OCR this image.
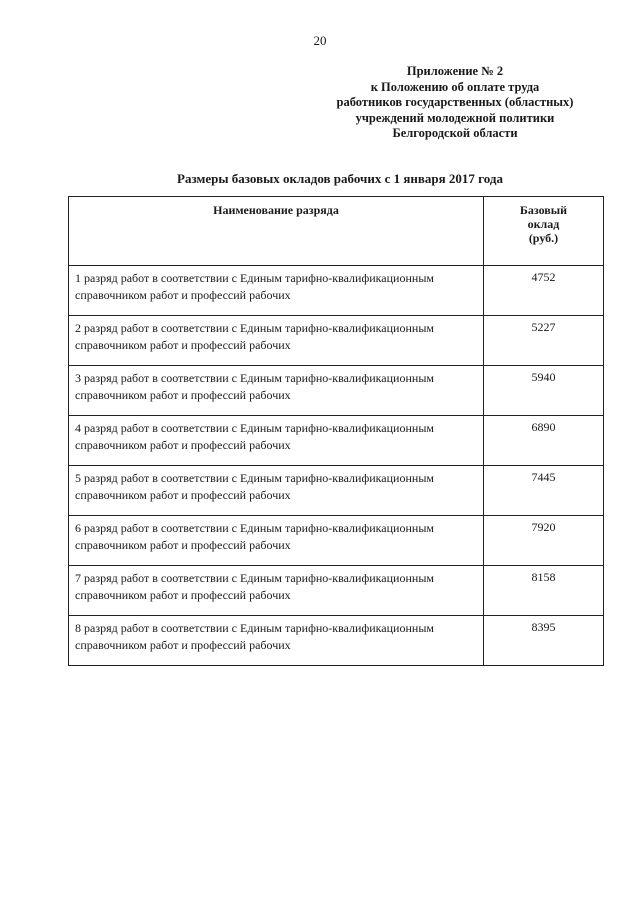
20
Приложение № 2
к Положению об оплате труда
работников государственных (областных)
учреждений молодежной политики
Белгородской области
Размеры базовых окладов рабочих с 1 января 2017 года
Наименование разряда	Базовый
оклад
(руб.)

1 разряд работ в соответствии с Единым тарифно-квалификационным
справочником работ и профессий рабочих	4752

2 разряд работ в соответствии с Единым тарифно-квалификационным
справочником работ и профессий рабочих	5227

3 разряд работ в соответствии с Единым тарифно-квалификационным
справочником работ и профессий рабочих	5940

4 разряд работ в соответствии с Единым тарифно-квалификационным
справочником работ и профессий рабочих	6890

5 разряд работ в соответствии с Единым тарифно-квалификационным
справочником работ и профессий рабочих	7445

6 разряд работ в соответствии с Единым тарифно-квалификационным
справочником работ и профессий рабочих	7920

7 разряд работ в соответствии с Единым тарифно-квалификационным
справочником работ и профессий рабочих	8158

8 разряд работ в соответствии с Единым тарифно-квалификационным
справочником работ и профессий рабочих	8395
